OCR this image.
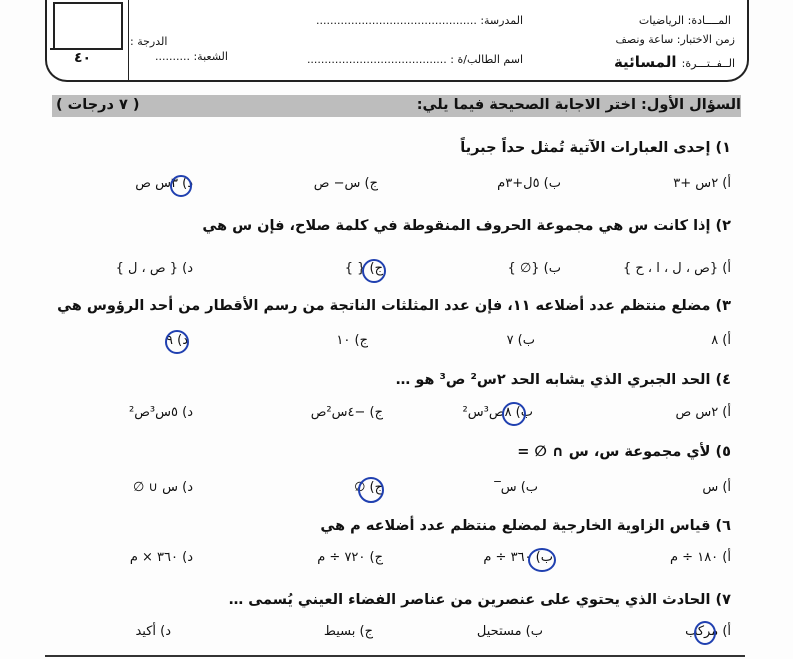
٤٠
المــــادة: الرياضيات
زمن الاختبار: ساعة ونصف
الــفــتـــرة: المسائية
المدرسة: ..............................................
اسم الطالب/ة : ........................................
الدرجة :
الشعبة: ..........
السؤال الأول: اختر الاجابة الصحيحة فيما يلي:
( ٧ درجات )
١) إحدى العبارات الآتية تُمثل حداً جبرياً
أ) ٢س +٣
ب) ٥ل+٣م
ج) س− ص
د) ٣س ص
٢) إذا كانت س هي مجموعة الحروف المنقوطة في كلمة صلاح، فإن س هي
أ) {ص ، ل ، ا ، ح }
ب) {∅ }
ج) { }
د) { ص ، ل }
٣) مضلع منتظم عدد أضلاعه ١١، فإن عدد المثلثات الناتجة من رسم الأقطار من أحد الرؤوس هي
أ) ٨
ب) ٧
ج) ١٠
د) ٩
٤) الحد الجبري الذي يشابه الحد ٢س² ص³ هو …
أ) ٢س ص
ب) ٨ص³س²
ج) −٤س²ص
د) ٥س³ص²
٥) لأي مجموعة س، س ∩ ∅ =
أ) س
ب) س̅
ج) ∅
د) س ∪ ∅
٦) قياس الزاوية الخارجية لمضلع منتظم عدد أضلاعه م هي
أ) ١٨٠ ÷ م
ب) ٣٦٠ ÷ م
ج) ٧٢٠ ÷ م
د) ٣٦٠ × م
٧) الحادث الذي يحتوي على عنصرين من عناصر الفضاء العيني يُسمى …
أ) مركب
ب) مستحيل
ج) بسيط
د) أكيد
